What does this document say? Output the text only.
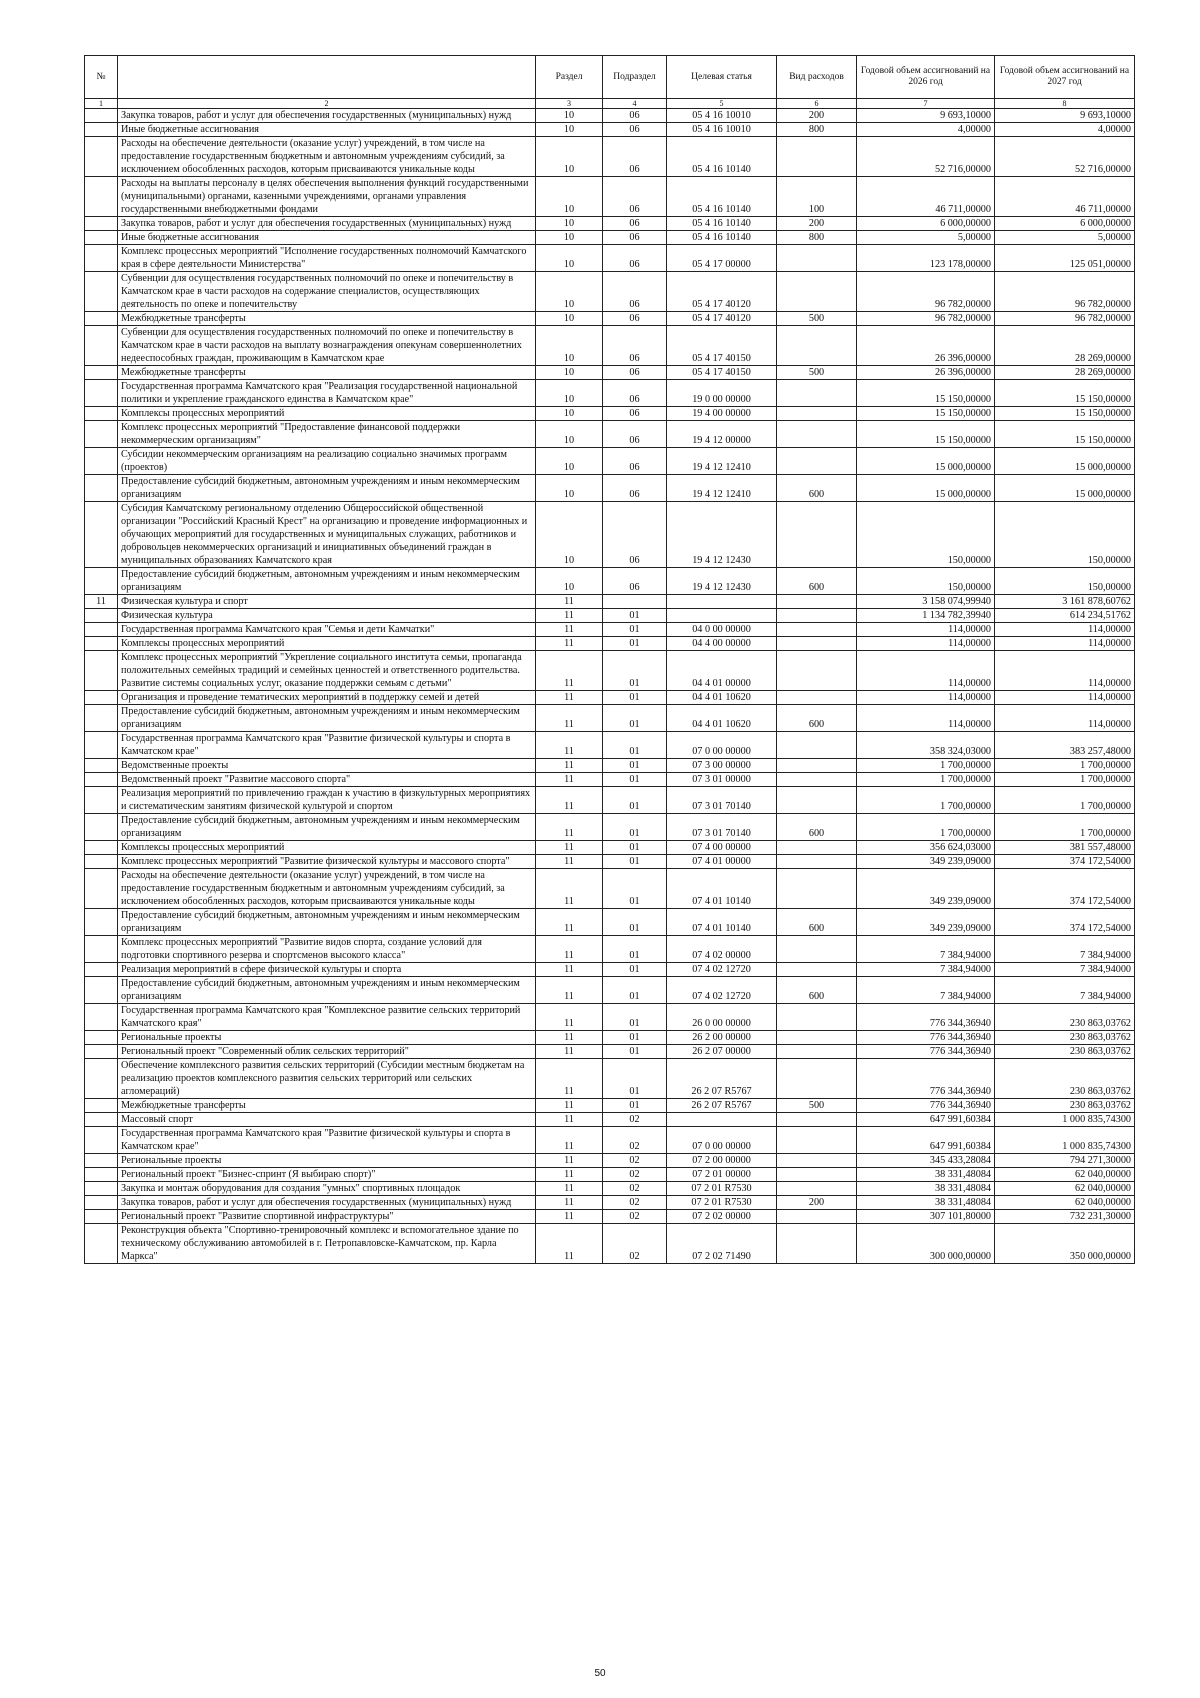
№		Раздел	Подраздел	Целевая статья	Вид расходов	Годовой объем ассигнований на 2026 год	Годовой объем ассигнований на 2027 год
1	2	3	4	5	6	7	8
	Закупка товаров, работ и услуг для обеспечения государственных (муниципальных) нужд	10	06	05 4 16 10010	200	9 693,10000	9 693,10000
	Иные бюджетные ассигнования	10	06	05 4 16 10010	800	4,00000	4,00000
	Расходы на обеспечение деятельности (оказание услуг) учреждений, в том числе на предоставление государственным бюджетным и автономным учреждениям субсидий, за исключением обособленных расходов, которым присваиваются уникальные коды	10	06	05 4 16 10140		52 716,00000	52 716,00000
	Расходы на выплаты персоналу в целях обеспечения выполнения функций государственными (муниципальными) органами, казенными учреждениями, органами управления государственными внебюджетными фондами	10	06	05 4 16 10140	100	46 711,00000	46 711,00000
	Закупка товаров, работ и услуг для обеспечения государственных (муниципальных) нужд	10	06	05 4 16 10140	200	6 000,00000	6 000,00000
	Иные бюджетные ассигнования	10	06	05 4 16 10140	800	5,00000	5,00000
	Комплекс процессных мероприятий "Исполнение государственных полномочий Камчатского края в сфере деятельности Министерства"	10	06	05 4 17 00000		123 178,00000	125 051,00000
	Субвенции для осуществления государственных полномочий по опеке и попечительству в Камчатском крае в части расходов на содержание специалистов, осуществляющих деятельность по опеке и попечительству	10	06	05 4 17 40120		96 782,00000	96 782,00000
	Межбюджетные трансферты	10	06	05 4 17 40120	500	96 782,00000	96 782,00000
	Субвенции для осуществления государственных полномочий по опеке и попечительству в Камчатском крае в части расходов на выплату вознаграждения опекунам совершеннолетних недееспособных граждан, проживающим в Камчатском крае	10	06	05 4 17 40150		26 396,00000	28 269,00000
	Межбюджетные трансферты	10	06	05 4 17 40150	500	26 396,00000	28 269,00000
	Государственная программа Камчатского края "Реализация государственной национальной политики и укрепление гражданского единства в Камчатском крае"	10	06	19 0 00 00000		15 150,00000	15 150,00000
	Комплексы процессных мероприятий	10	06	19 4 00 00000		15 150,00000	15 150,00000
	Комплекс процессных мероприятий "Предоставление финансовой поддержки некоммерческим организациям"	10	06	19 4 12 00000		15 150,00000	15 150,00000
	Субсидии некоммерческим организациям на реализацию социально значимых программ (проектов)	10	06	19 4 12 12410		15 000,00000	15 000,00000
	Предоставление субсидий бюджетным, автономным учреждениям и иным некоммерческим организациям	10	06	19 4 12 12410	600	15 000,00000	15 000,00000
	Субсидия Камчатскому региональному отделению Общероссийской общественной организации "Российский Красный Крест" на организацию и проведение информационных и обучающих мероприятий для государственных и муниципальных служащих, работников и добровольцев некоммерческих организаций и инициативных объединений граждан в муниципальных образованиях Камчатского края	10	06	19 4 12 12430		150,00000	150,00000
	Предоставление субсидий бюджетным, автономным учреждениям и иным некоммерческим организациям	10	06	19 4 12 12430	600	150,00000	150,00000
11	Физическая культура и спорт	11				3 158 074,99940	3 161 878,60762
	Физическая культура	11	01			1 134 782,39940	614 234,51762
	Государственная программа Камчатского края "Семья и дети Камчатки"	11	01	04 0 00 00000		114,00000	114,00000
	Комплексы процессных мероприятий	11	01	04 4 00 00000		114,00000	114,00000
	Комплекс процессных мероприятий "Укрепление социального института семьи, пропаганда положительных семейных традиций и семейных ценностей и ответственного родительства. Развитие системы социальных услуг, оказание поддержки семьям с детьми"	11	01	04 4 01 00000		114,00000	114,00000
	Организация и проведение тематических мероприятий в поддержку семей и детей	11	01	04 4 01 10620		114,00000	114,00000
	Предоставление субсидий бюджетным, автономным учреждениям и иным некоммерческим организациям	11	01	04 4 01 10620	600	114,00000	114,00000
	Государственная программа Камчатского края "Развитие физической культуры и спорта в Камчатском крае"	11	01	07 0 00 00000		358 324,03000	383 257,48000
	Ведомственные проекты	11	01	07 3 00 00000		1 700,00000	1 700,00000
	Ведомственный проект "Развитие массового спорта"	11	01	07 3 01 00000		1 700,00000	1 700,00000
	Реализация мероприятий по привлечению граждан к участию в физкультурных мероприятиях и систематическим занятиям физической культурой и спортом	11	01	07 3 01 70140		1 700,00000	1 700,00000
	Предоставление субсидий бюджетным, автономным учреждениям и иным некоммерческим организациям	11	01	07 3 01 70140	600	1 700,00000	1 700,00000
	Комплексы процессных мероприятий	11	01	07 4 00 00000		356 624,03000	381 557,48000
	Комплекс процессных мероприятий "Развитие физической культуры и массового спорта"	11	01	07 4 01 00000		349 239,09000	374 172,54000
	Расходы на обеспечение деятельности (оказание услуг) учреждений, в том числе на предоставление государственным бюджетным и автономным учреждениям субсидий, за исключением обособленных расходов, которым присваиваются уникальные коды	11	01	07 4 01 10140		349 239,09000	374 172,54000
	Предоставление субсидий бюджетным, автономным учреждениям и иным некоммерческим организациям	11	01	07 4 01 10140	600	349 239,09000	374 172,54000
	Комплекс процессных мероприятий "Развитие видов спорта, создание условий для подготовки спортивного резерва и спортсменов высокого класса"	11	01	07 4 02 00000		7 384,94000	7 384,94000
	Реализация мероприятий в сфере физической культуры и спорта	11	01	07 4 02 12720		7 384,94000	7 384,94000
	Предоставление субсидий бюджетным, автономным учреждениям и иным некоммерческим организациям	11	01	07 4 02 12720	600	7 384,94000	7 384,94000
	Государственная программа Камчатского края "Комплексное развитие сельских территорий Камчатского края"	11	01	26 0 00 00000		776 344,36940	230 863,03762
	Региональные проекты	11	01	26 2 00 00000		776 344,36940	230 863,03762
	Региональный проект "Современный облик сельских территорий"	11	01	26 2 07 00000		776 344,36940	230 863,03762
	Обеспечение комплексного развития сельских территорий (Субсидии местным бюджетам на реализацию проектов комплексного развития сельских территорий или сельских агломераций)	11	01	26 2 07 R5767		776 344,36940	230 863,03762
	Межбюджетные трансферты	11	01	26 2 07 R5767	500	776 344,36940	230 863,03762
	Массовый спорт	11	02			647 991,60384	1 000 835,74300
	Государственная программа Камчатского края "Развитие физической культуры и спорта в Камчатском крае"	11	02	07 0 00 00000		647 991,60384	1 000 835,74300
	Региональные проекты	11	02	07 2 00 00000		345 433,28084	794 271,30000
	Региональный проект "Бизнес-спринт (Я выбираю спорт)"	11	02	07 2 01 00000		38 331,48084	62 040,00000
	Закупка и монтаж оборудования для создания "умных" спортивных площадок	11	02	07 2 01 R7530		38 331,48084	62 040,00000
	Закупка товаров, работ и услуг для обеспечения государственных (муниципальных) нужд	11	02	07 2 01 R7530	200	38 331,48084	62 040,00000
	Региональный проект "Развитие спортивной инфраструктуры"	11	02	07 2 02 00000		307 101,80000	732 231,30000
	Реконструкция объекта "Спортивно-тренировочный комплекс и вспомогательное здание по техническому обслуживанию автомобилей в г. Петропавловске-Камчатском, пр. Карла Маркса"	11	02	07 2 02 71490		300 000,00000	350 000,00000
50
